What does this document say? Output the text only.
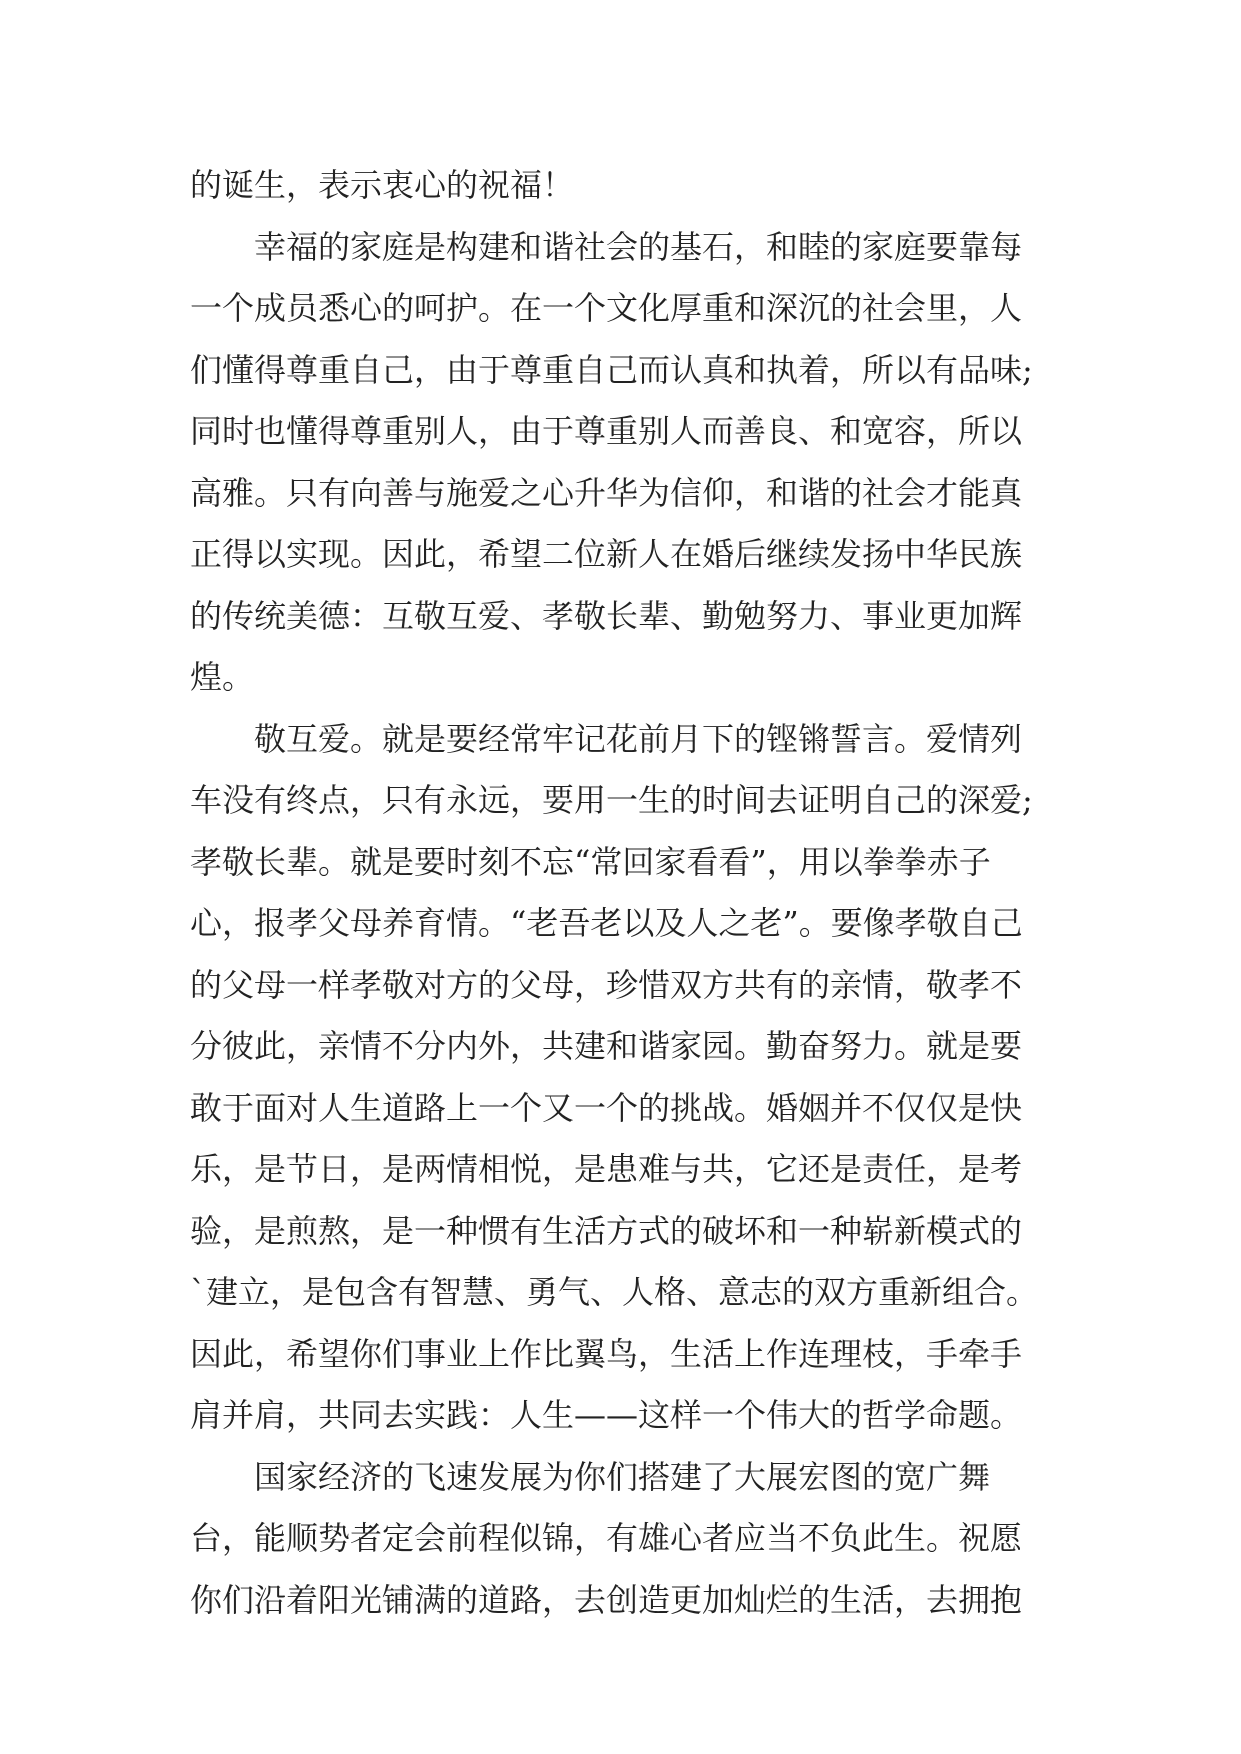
的诞生，表示衷心的祝福！
幸福的家庭是构建和谐社会的基石，和睦的家庭要靠每
一个成员悉心的呵护。在一个文化厚重和深沉的社会里，人
们懂得尊重自己，由于尊重自己而认真和执着，所以有品味;
同时也懂得尊重别人，由于尊重别人而善良、和宽容，所以
高雅。只有向善与施爱之心升华为信仰，和谐的社会才能真
正得以实现。因此，希望二位新人在婚后继续发扬中华民族
的传统美德：互敬互爱、孝敬长辈、勤勉努力、事业更加辉
煌。
敬互爱。就是要经常牢记花前月下的铿锵誓言。爱情列
车没有终点，只有永远，要用一生的时间去证明自己的深爱;
孝敬长辈。就是要时刻不忘“常回家看看”，用以拳拳赤子
心，报孝父母养育情。“老吾老以及人之老”。要像孝敬自己
的父母一样孝敬对方的父母，珍惜双方共有的亲情，敬孝不
分彼此，亲情不分内外，共建和谐家园。勤奋努力。就是要
敢于面对人生道路上一个又一个的挑战。婚姻并不仅仅是快
乐，是节日，是两情相悦，是患难与共，它还是责任，是考
验，是煎熬，是一种惯有生活方式的破坏和一种崭新模式的
`建立，是包含有智慧、勇气、人格、意志的双方重新组合。
因此，希望你们事业上作比翼鸟，生活上作连理枝，手牵手
肩并肩，共同去实践：人生——这样一个伟大的哲学命题。
国家经济的飞速发展为你们搭建了大展宏图的宽广舞
台，能顺势者定会前程似锦，有雄心者应当不负此生。祝愿
你们沿着阳光铺满的道路，去创造更加灿烂的生活，去拥抱
